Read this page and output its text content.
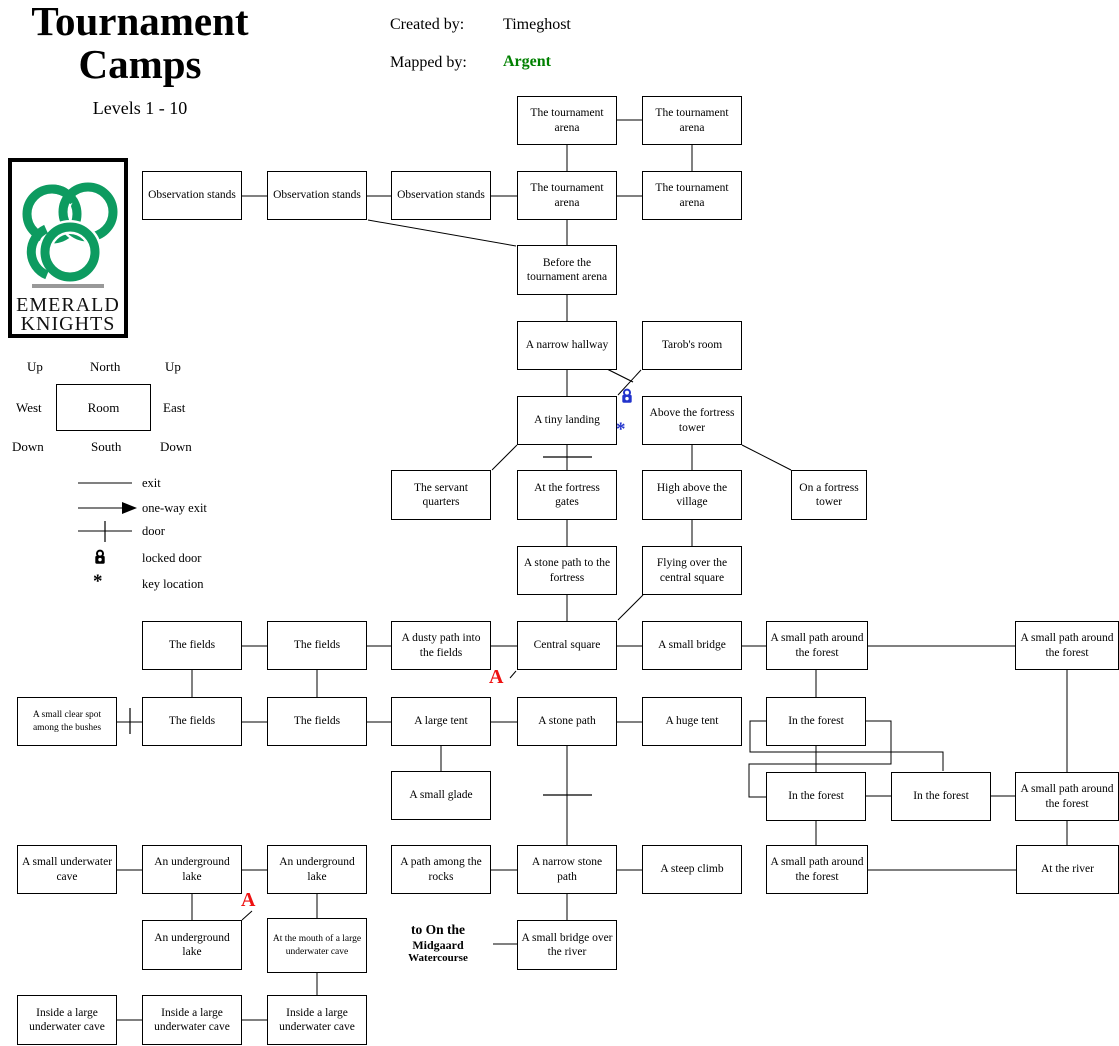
Tournament
Camps
Levels 1 - 10
Created by: Timeghost
Mapped by: Argent
EMERALD
KNIGHTS
Up	North	Up
West	Room	East
Down	South	Down
exit
one-way exit
door
locked door
key location
to On the
Midgaard
Watercourse
The tournament arena
The tournament arena
The tournament arena
The tournament arena
Observation stands	Observation stands	Observation stands
Before the tournament arena
A narrow hallway	Tarob's room
A tiny landing
Above the fortress tower
The servant quarters
At the fortress gates
High above the village
On a fortress tower
A stone path to the fortress
Flying over the central square
The fields	The fields
A dusty path into the fields
Central square	A small bridge
A small path around the forest
A small path around the forest
A small clear spot among the bushes
The fields	The fields	A large tent	A stone path	A huge tent	In the forest
A small glade	In the forest	In the forest
A small path around the forest
A small underwater cave
An underground lake
An underground lake
A path among the rocks
A narrow stone path
A steep climb
A small path around the forest
At the river
An underground lake
At the mouth of a large underwater cave
A small bridge over the river
Inside a large underwater cave
Inside a large underwater cave
Inside a large underwater cave
*
*
A
A
